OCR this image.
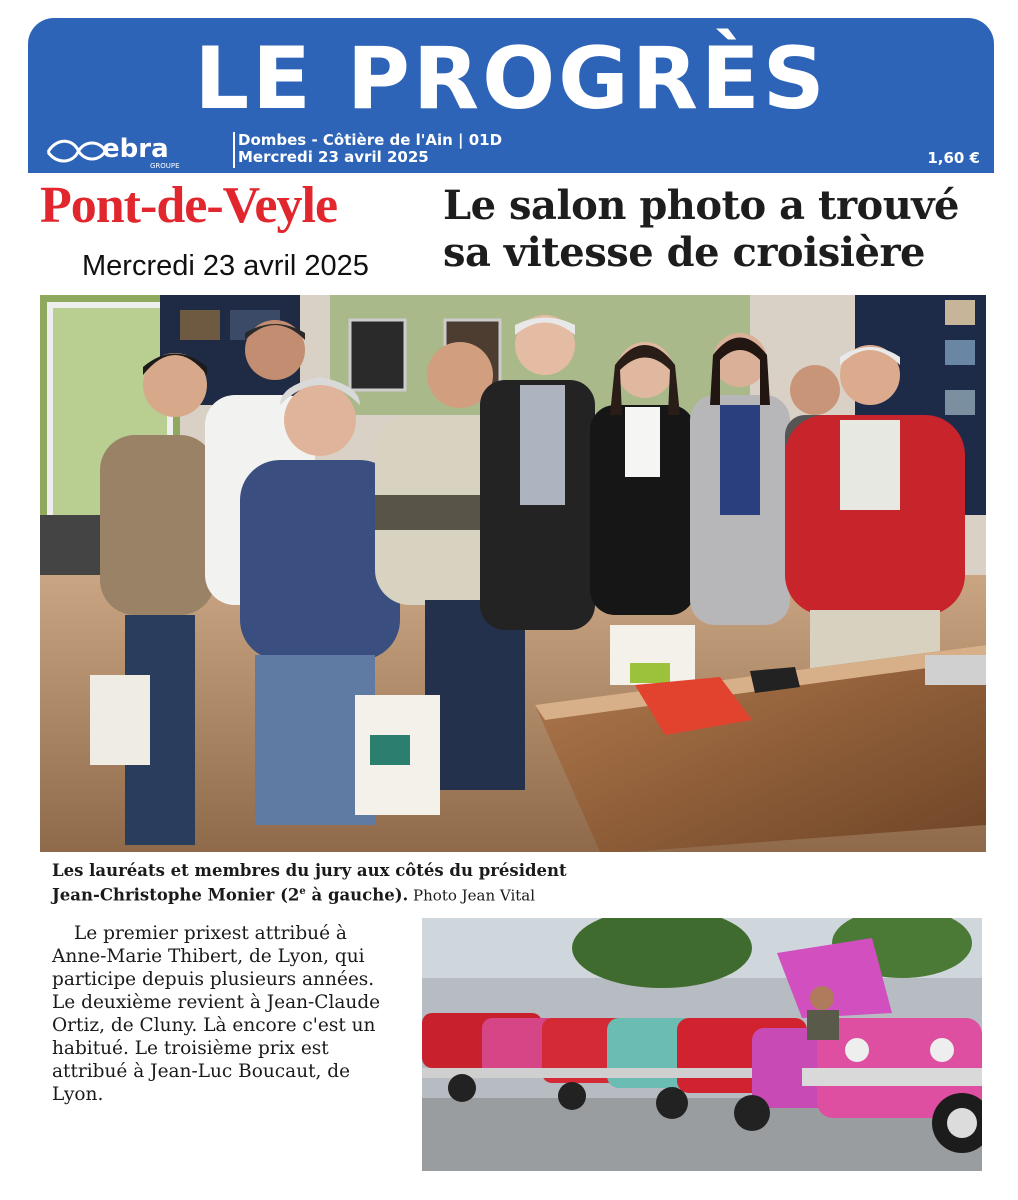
LE PROGRÈS
ebra
GROUPE
Dombes - Côtière de l'Ain | 01D
Mercredi 23 avril 2025	1,60 €
Pont-de-Veyle
Mercredi 23 avril 2025
Le salon photo a trouvé
sa vitesse de croisière
Les lauréats et membres du jury aux côtés du président
Jean-Christophe Monier (2e à gauche). Photo Jean Vital
Le premier prixest attribué à Anne-Marie Thibert, de Lyon, qui participe depuis plusieurs années. Le deuxième revient à Jean-Claude Ortiz, de Cluny. Là encore c'est un habitué. Le troisième prix est attribué à Jean-Luc Boucaut, de Lyon.
